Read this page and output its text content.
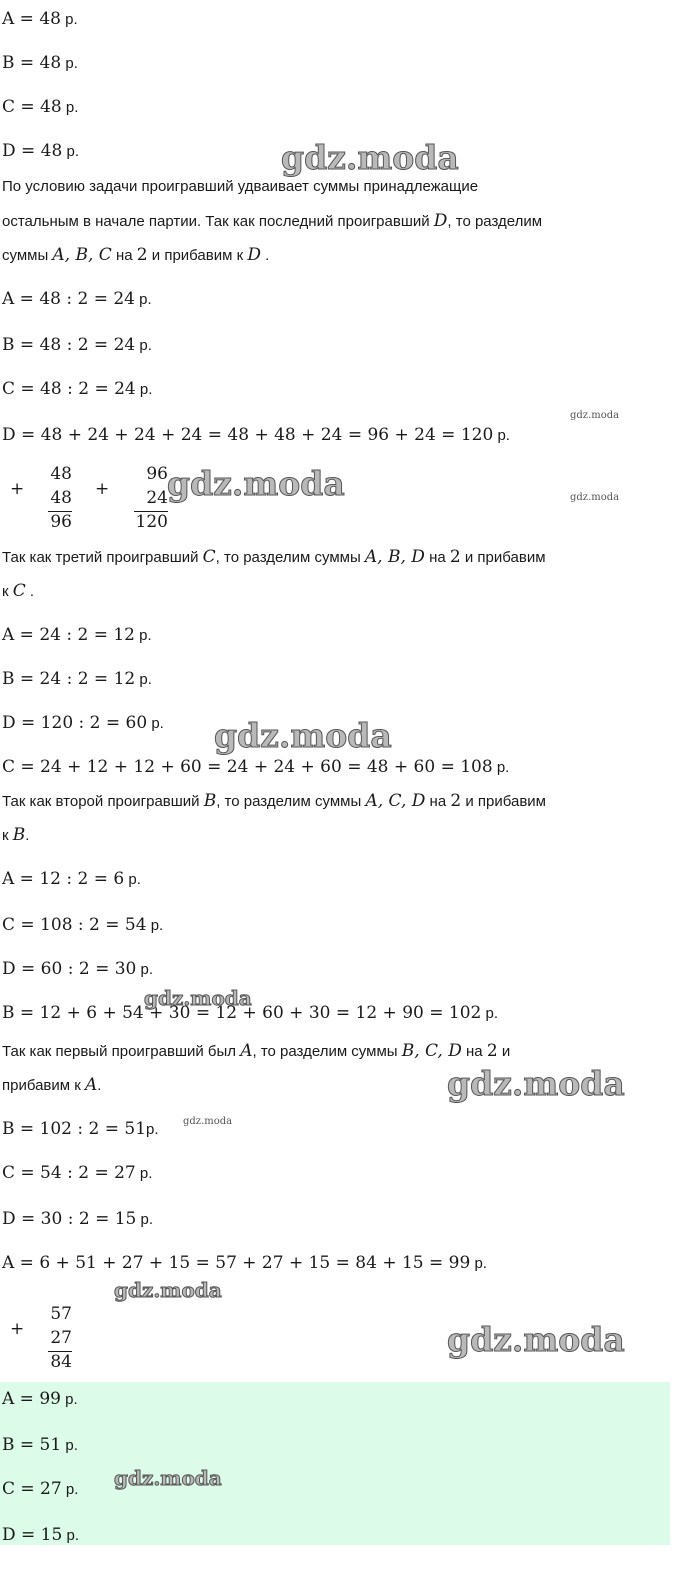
A = 48 р.
B = 48 р.
C = 48 р.
D = 48 р.
По условию задачи проигравший удваивает суммы принадлежащие
остальным в начале партии. Так как последний проигравший D, то разделим
суммы A, B, C на 2 и прибавим к D .
A = 48 : 2 = 24 р.
B = 48 : 2 = 24 р.
C = 48 : 2 = 24 р.
D = 48 + 24 + 24 + 24 = 48 + 48 + 24 = 96 + 24 = 120 р.
+
48
48
96
+
96
24
120
Так как третий проигравший C, то разделим суммы A, B, D на 2 и прибавим
к C .
A = 24 : 2 = 12 р.
B = 24 : 2 = 12 р.
D = 120 : 2 = 60 р.
C = 24 + 12 + 12 + 60 = 24 + 24 + 60 = 48 + 60 = 108 р.
Так как второй проигравший B, то разделим суммы A, C, D на 2 и прибавим
к B.
A = 12 : 2 = 6 р.
C = 108 : 2 = 54 р.
D = 60 : 2 = 30 р.
B = 12 + 6 + 54 + 30 = 12 + 60 + 30 = 12 + 90 = 102 р.
Так как первый проигравший был A, то разделим суммы B, C, D на 2 и
прибавим к A.
B = 102 : 2 = 51р.
C = 54 : 2 = 27 р.
D = 30 : 2 = 15 р.
A = 6 + 51 + 27 + 15 = 57 + 27 + 15 = 84 + 15 = 99 р.
+
57
27
84
A = 99 р.
B = 51 р.
C = 27 р.
D = 15 р.
gdz.moda
gdz.moda
gdz.moda	gdz.moda
gdz.moda
gdz.moda
gdz.moda
gdz.moda
gdz.moda
gdz.moda
gdz.moda
